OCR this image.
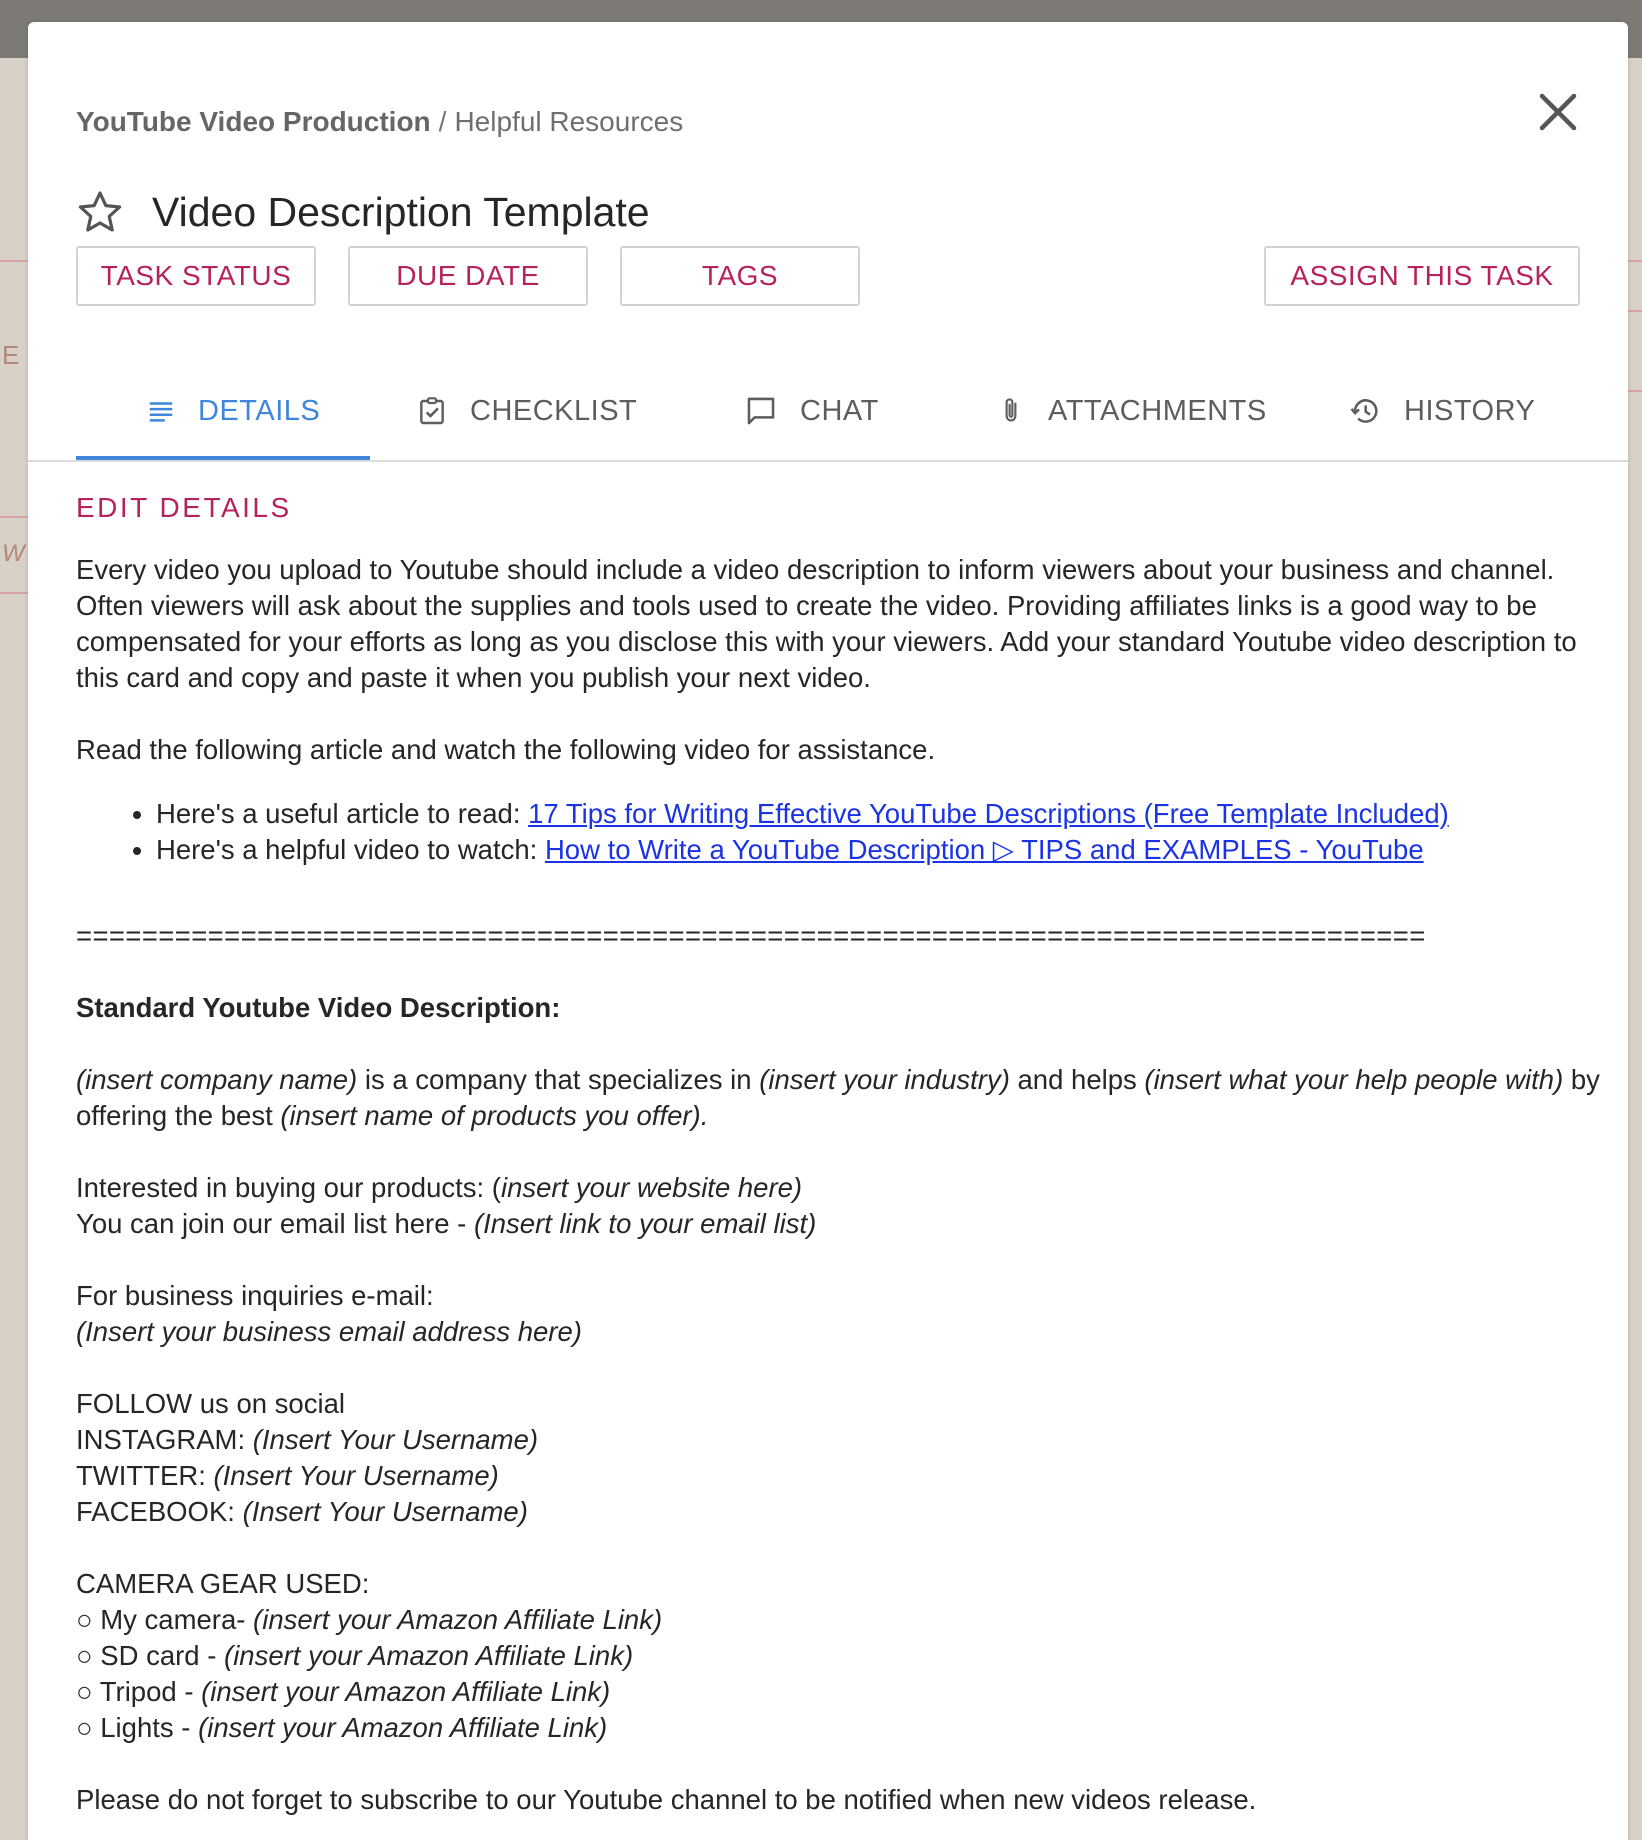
E
W
YouTube Video Production / Helpful Resources
Video Description Template
TASK STATUS	DUE DATE	TAGS	ASSIGN THIS TASK
DETAILS	CHECKLIST	CHAT	ATTACHMENTS	HISTORY
EDIT DETAILS

Every video you upload to Youtube should include a video description to inform viewers about your business and channel. Often viewers will ask about the supplies and tools used to create the video. Providing affiliates links is a good way to be compensated for your efforts as long as you disclose this with your viewers. Add your standard Youtube video description to this card and copy and paste it when you publish your next video.

Read the following article and watch the following video for assistance.

• Here's a useful article to read: 17 Tips for Writing Effective YouTube Descriptions (Free Template Included)
• Here's a helpful video to watch: How to Write a YouTube Description ▷ TIPS and EXAMPLES - YouTube

==================================================================================

Standard Youtube Video Description:

(insert company name) is a company that specializes in (insert your industry) and helps (insert what your help people with) by offering the best (insert name of products you offer).

Interested in buying our products: (insert your website here)

You can join our email list here - (Insert link to your email list)

For business inquiries e-mail:

(Insert your business email address here)

FOLLOW us on social

INSTAGRAM: (Insert Your Username)

TWITTER: (Insert Your Username)

FACEBOOK: (Insert Your Username)

CAMERA GEAR USED:

○ My camera- (insert your Amazon Affiliate Link)

○ SD card - (insert your Amazon Affiliate Link)

○ Tripod - (insert your Amazon Affiliate Link)

○ Lights - (insert your Amazon Affiliate Link)

Please do not forget to subscribe to our Youtube channel to be notified when new videos release.
